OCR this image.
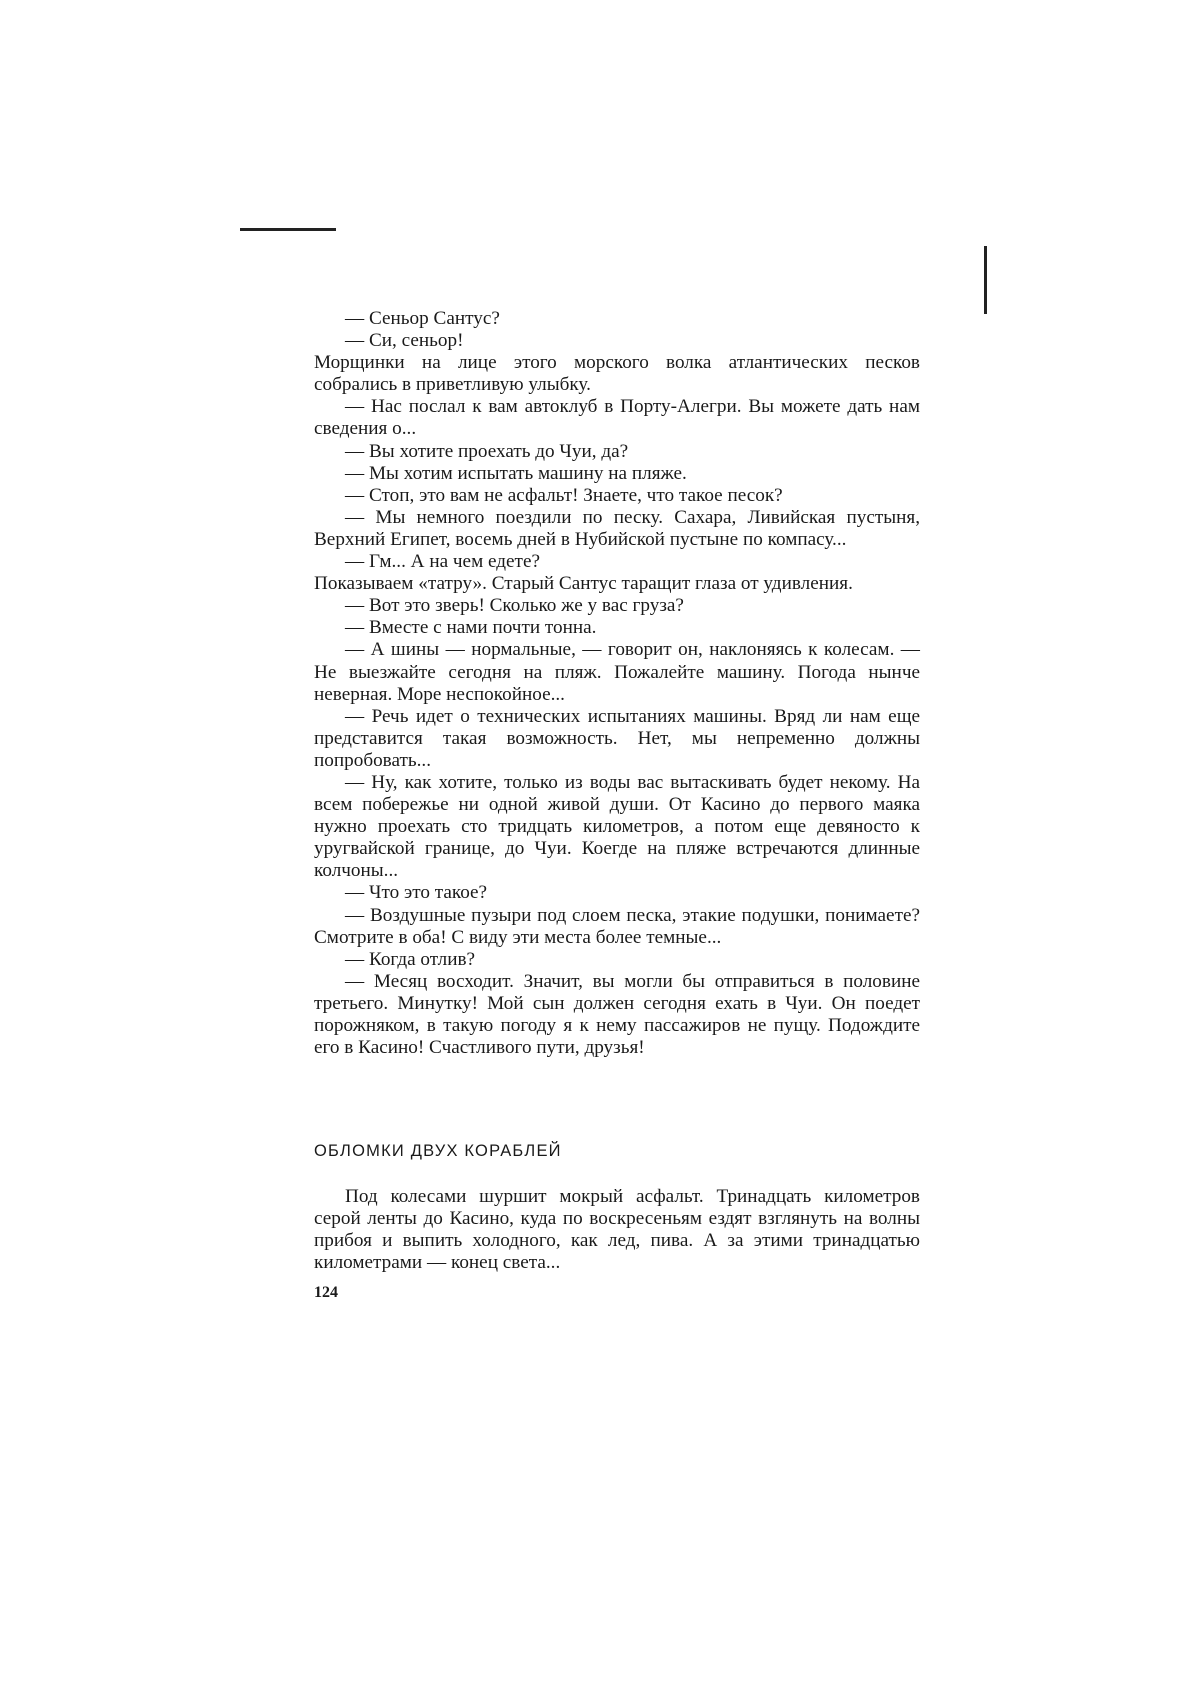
— Сеньор Сантус?

— Си, сеньор!

Морщинки на лице этого морского волка атлантических песков собрались в приветливую улыбку.

— Нас послал к вам автоклуб в Порту-Алегри. Вы можете дать нам сведения о...

— Вы хотите проехать до Чуи, да?

— Мы хотим испытать машину на пляже.

— Стоп, это вам не асфальт! Знаете, что такое песок?

— Мы немного поездили по песку. Сахара, Ливийская пустыня, Верхний Египет, восемь дней в Нубийской пустыне по компасу...

— Гм... А на чем едете?

Показываем «татру». Старый Сантус таращит глаза от удивления.

— Вот это зверь! Сколько же у вас груза?

— Вместе с нами почти тонна.

— А шины — нормальные, — говорит он, наклоняясь к колесам. — Не выезжайте сегодня на пляж. Пожалейте машину. Погода нынче неверная. Море неспокойное...

— Речь идет о технических испытаниях машины. Вряд ли нам еще представится такая возможность. Нет, мы непременно должны попробовать...

— Ну, как хотите, только из воды вас вытаскивать будет некому. На всем побережье ни одной живой души. От Касино до первого маяка нужно проехать сто тридцать километров, а потом еще девяносто к уругвайской границе, до Чуи. Коегде на пляже встречаются длинные колчоны...

— Что это такое?

— Воздушные пузыри под слоем песка, этакие подушки, понимаете? Смотрите в оба! С виду эти места более темные...

— Когда отлив?

— Месяц восходит. Значит, вы могли бы отправиться в половине третьего. Минутку! Мой сын должен сегодня ехать в Чуи. Он поедет порожняком, в такую погоду я к нему пассажиров не пущу. Подождите его в Касино! Счастливого пути, друзья!

ОБЛОМКИ ДВУХ КОРАБЛЕЙ

Под колесами шуршит мокрый асфальт. Тринадцать километров серой ленты до Касино, куда по воскресеньям ездят взглянуть на волны прибоя и выпить холодного, как лед, пива. А за этими тринадцатью километрами — конец света...

124
